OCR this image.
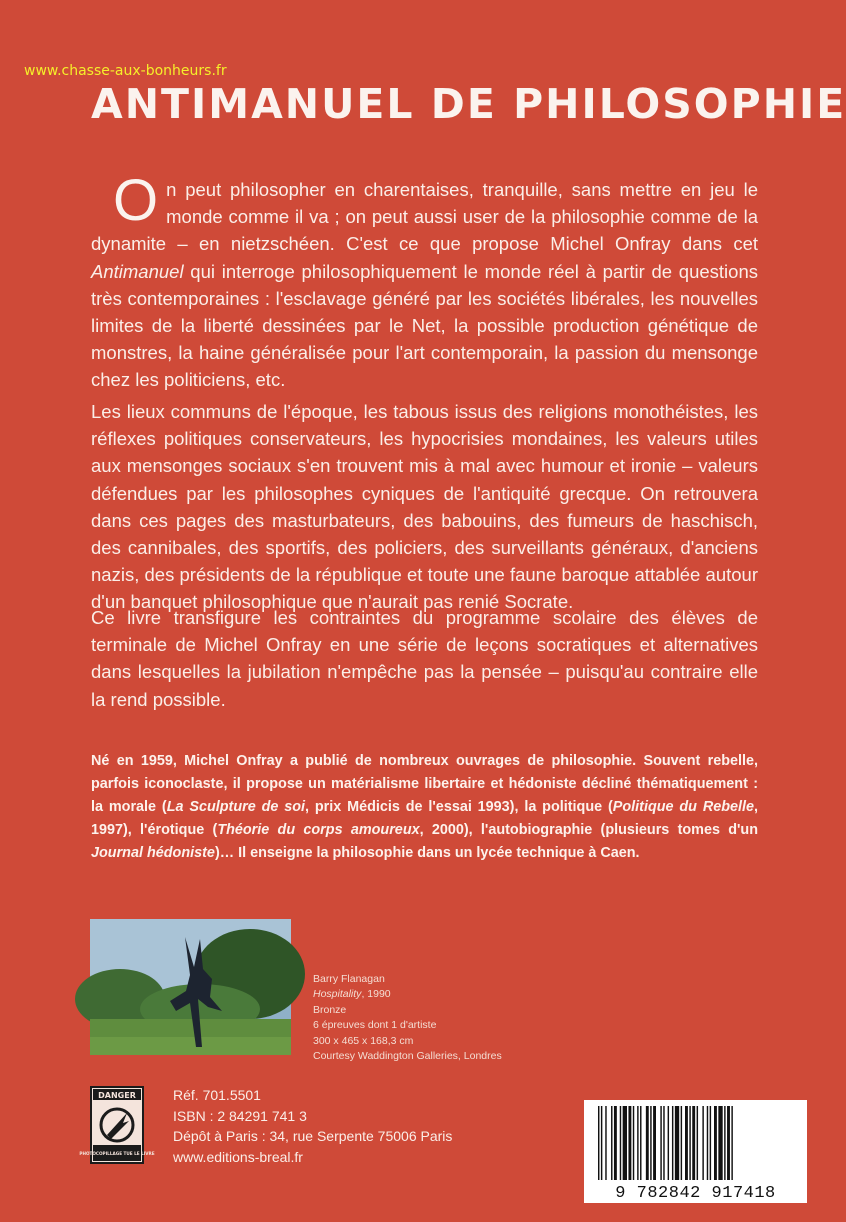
www.chasse-aux-bonheurs.fr
ANTIMANUEL DE PHILOSOPHIE
On peut philosopher en charentaises, tranquille, sans mettre en jeu le monde comme il va ; on peut aussi user de la philosophie comme de la dynamite – en nietzschéen. C'est ce que propose Michel Onfray dans cet Antimanuel qui interroge philosophiquement le monde réel à partir de questions très contemporaines : l'esclavage généré par les sociétés libérales, les nouvelles limites de la liberté dessinées par le Net, la possible production génétique de monstres, la haine généralisée pour l'art contemporain, la passion du mensonge chez les politiciens, etc.
Les lieux communs de l'époque, les tabous issus des religions monothéistes, les réflexes politiques conservateurs, les hypocrisies mondaines, les valeurs utiles aux mensonges sociaux s'en trouvent mis à mal avec humour et ironie – valeurs défendues par les philosophes cyniques de l'antiquité grecque. On retrouvera dans ces pages des masturbateurs, des babouins, des fumeurs de haschisch, des cannibales, des sportifs, des policiers, des surveillants généraux, d'anciens nazis, des présidents de la république et toute une faune baroque attablée autour d'un banquet philosophique que n'aurait pas renié Socrate.
Ce livre transfigure les contraintes du programme scolaire des élèves de terminale de Michel Onfray en une série de leçons socratiques et alternatives dans lesquelles la jubilation n'empêche pas la pensée – puisqu'au contraire elle la rend possible.
Né en 1959, Michel Onfray a publié de nombreux ouvrages de philosophie. Souvent rebelle, parfois iconoclaste, il propose un matérialisme libertaire et hédoniste décliné thématiquement : la morale (La Sculpture de soi, prix Médicis de l'essai 1993), la politique (Politique du Rebelle, 1997), l'érotique (Théorie du corps amoureux, 2000), l'autobiographie (plusieurs tomes d'un Journal hédoniste)… Il enseigne la philosophie dans un lycée technique à Caen.
Barry Flanagan
Hospitality, 1990
Bronze
6 épreuves dont 1 d'artiste
300 x 465 x 168,3 cm
Courtesy Waddington Galleries, Londres
DANGER
PHOTOCOPILLAGE TUE LE LIVRE
Réf. 701.5501
ISBN : 2 84291 741 3
Dépôt à Paris : 34, rue Serpente 75006 Paris
www.editions-breal.fr
9 782842 917418
